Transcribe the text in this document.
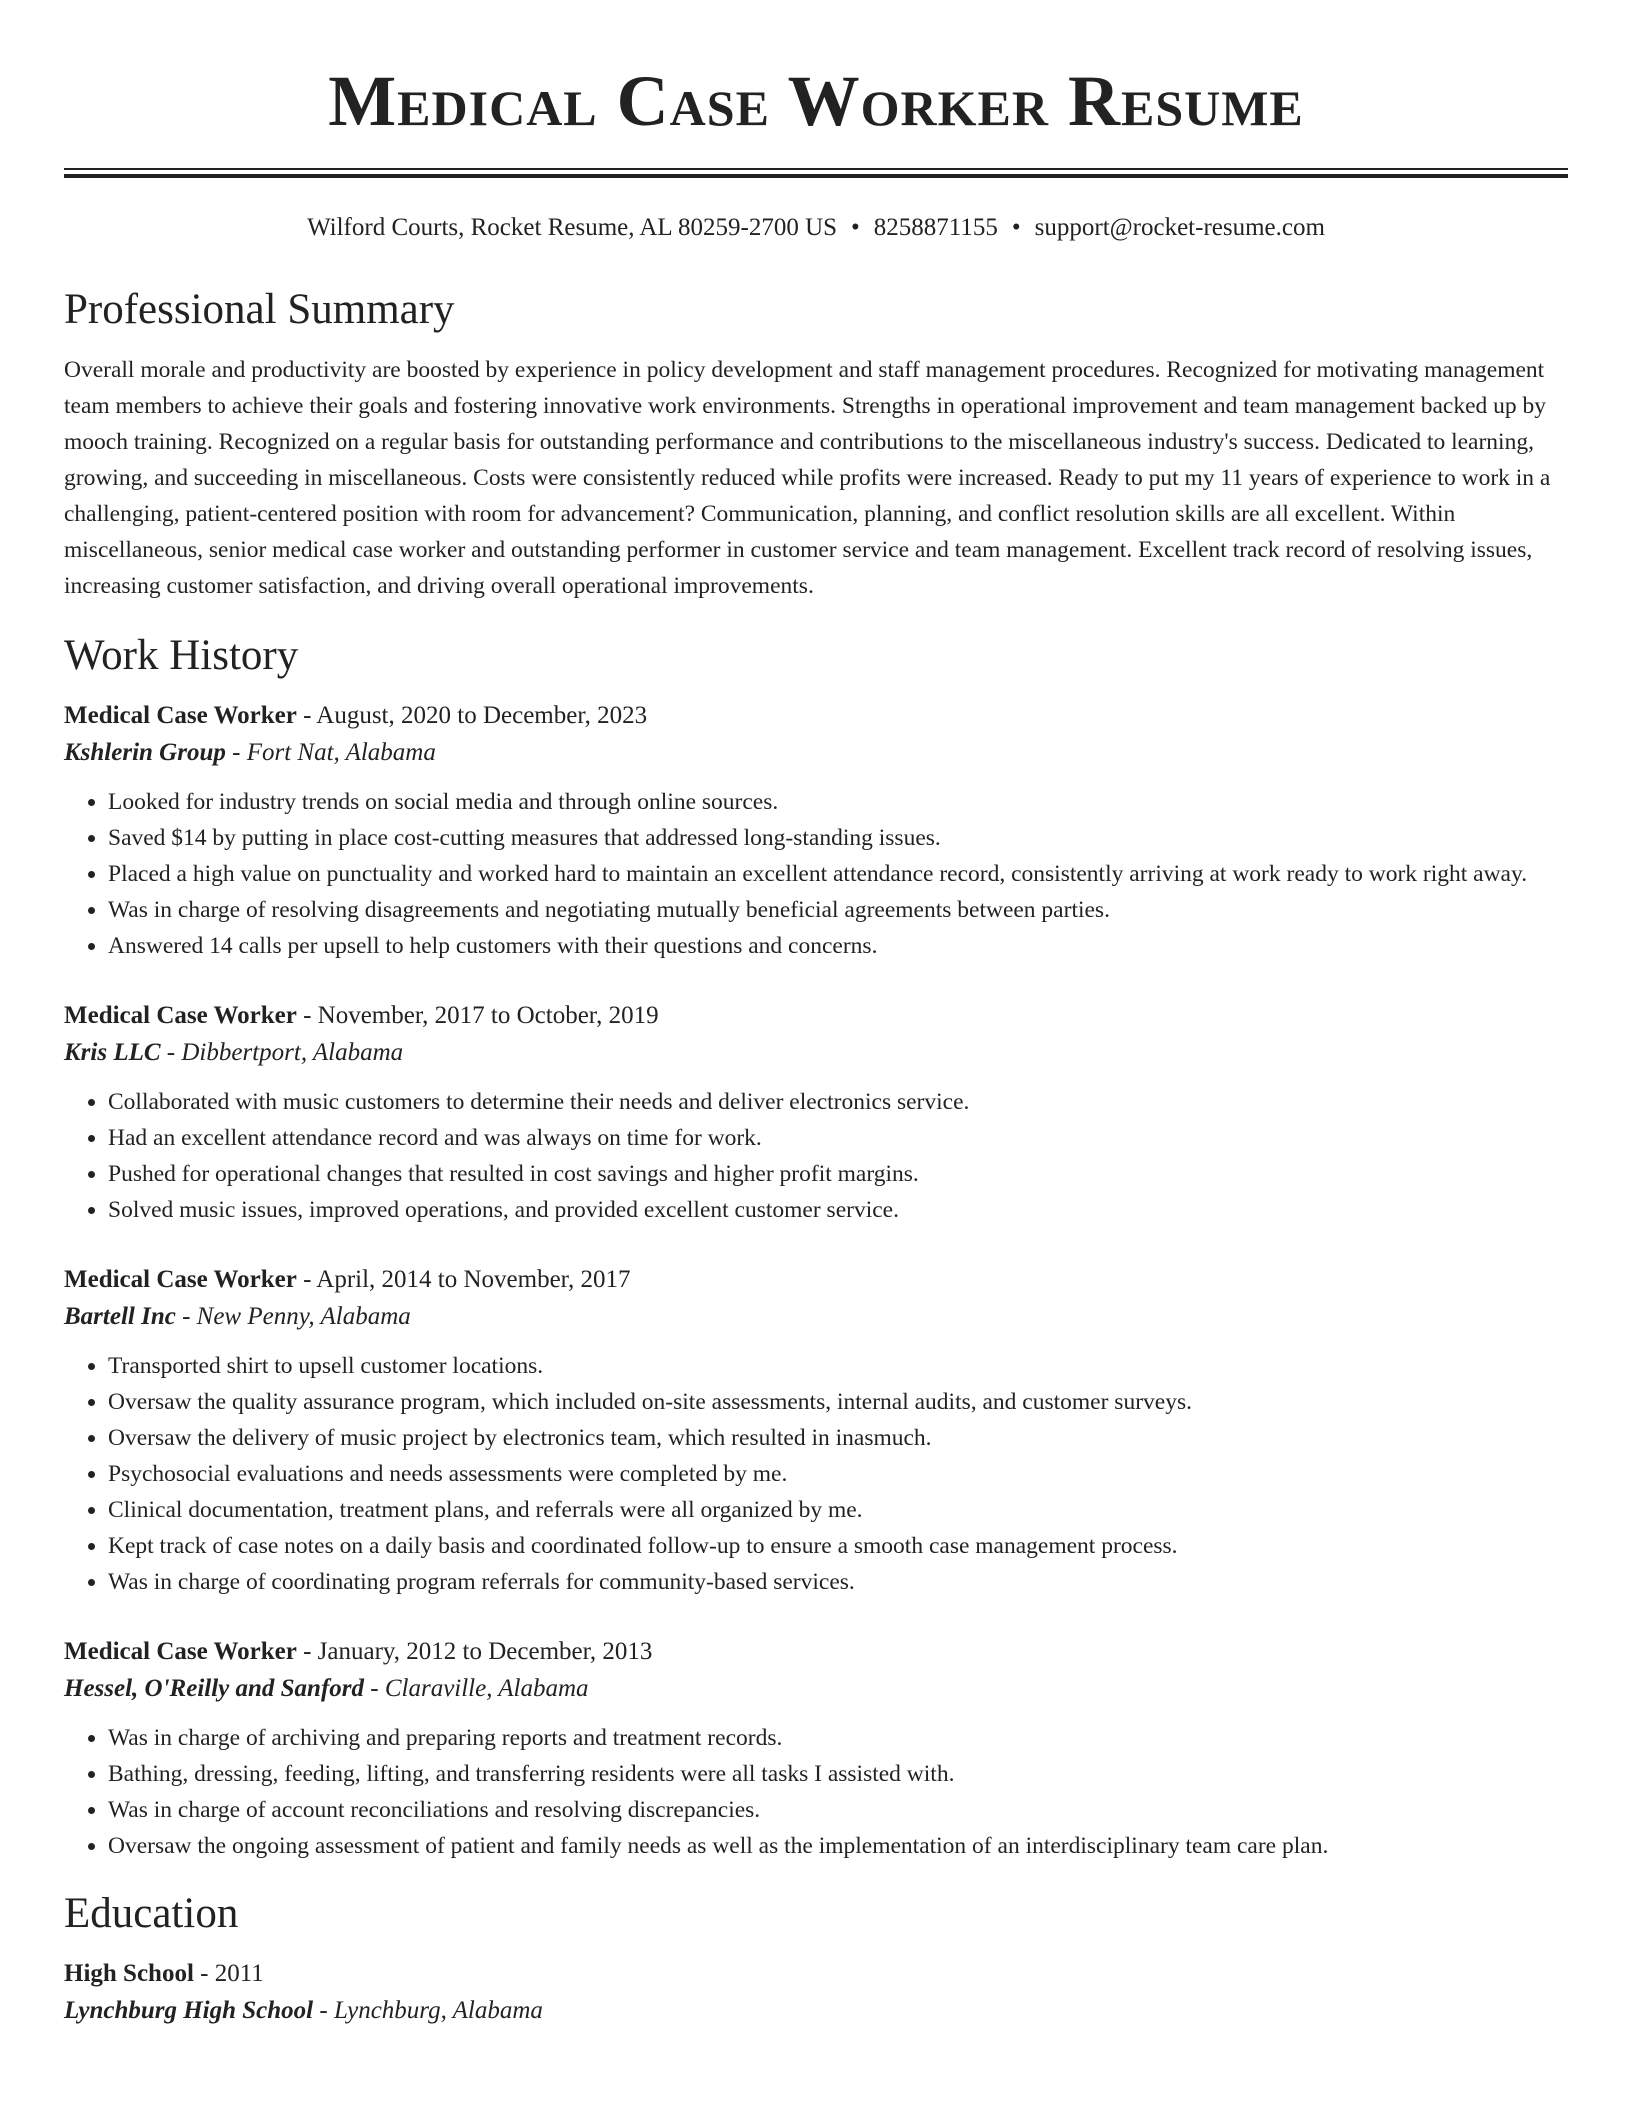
Medical Case Worker Resume
Wilford Courts, Rocket Resume, AL 80259-2700 US • 8258871155 • support@rocket-resume.com
Professional Summary

Overall morale and productivity are boosted by experience in policy development and staff management procedures. Recognized for motivating management team members to achieve their goals and fostering innovative work environments. Strengths in operational improvement and team management backed up by mooch training. Recognized on a regular basis for outstanding performance and contributions to the miscellaneous industry's success. Dedicated to learning, growing, and succeeding in miscellaneous. Costs were consistently reduced while profits were increased. Ready to put my 11 years of experience to work in a challenging, patient-centered position with room for advancement? Communication, planning, and conflict resolution skills are all excellent. Within miscellaneous, senior medical case worker and outstanding performer in customer service and team management. Excellent track record of resolving issues, increasing customer satisfaction, and driving overall operational improvements.

Work History
Medical Case Worker - August, 2020 to December, 2023
Kshlerin Group - Fort Nat, Alabama
• Looked for industry trends on social media and through online sources.
• Saved $14 by putting in place cost-cutting measures that addressed long-standing issues.
• Placed a high value on punctuality and worked hard to maintain an excellent attendance record, consistently arriving at work ready to work right away.
• Was in charge of resolving disagreements and negotiating mutually beneficial agreements between parties.
• Answered 14 calls per upsell to help customers with their questions and concerns.
Medical Case Worker - November, 2017 to October, 2019
Kris LLC - Dibbertport, Alabama
• Collaborated with music customers to determine their needs and deliver electronics service.
• Had an excellent attendance record and was always on time for work.
• Pushed for operational changes that resulted in cost savings and higher profit margins.
• Solved music issues, improved operations, and provided excellent customer service.
Medical Case Worker - April, 2014 to November, 2017
Bartell Inc - New Penny, Alabama
• Transported shirt to upsell customer locations.
• Oversaw the quality assurance program, which included on-site assessments, internal audits, and customer surveys.
• Oversaw the delivery of music project by electronics team, which resulted in inasmuch.
• Psychosocial evaluations and needs assessments were completed by me.
• Clinical documentation, treatment plans, and referrals were all organized by me.
• Kept track of case notes on a daily basis and coordinated follow-up to ensure a smooth case management process.
• Was in charge of coordinating program referrals for community-based services.
Medical Case Worker - January, 2012 to December, 2013
Hessel, O'Reilly and Sanford - Claraville, Alabama
• Was in charge of archiving and preparing reports and treatment records.
• Bathing, dressing, feeding, lifting, and transferring residents were all tasks I assisted with.
• Was in charge of account reconciliations and resolving discrepancies.
• Oversaw the ongoing assessment of patient and family needs as well as the implementation of an interdisciplinary team care plan.
Education
High School - 2011
Lynchburg High School - Lynchburg, Alabama
